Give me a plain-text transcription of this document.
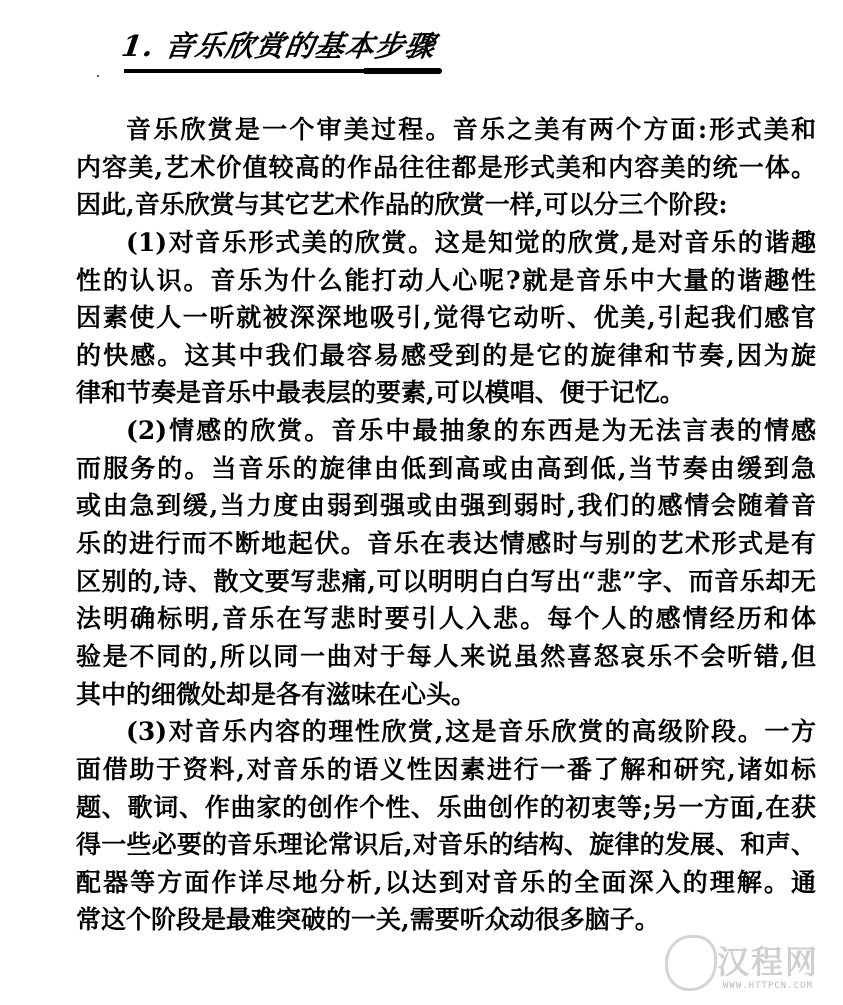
1. 音乐欣赏的基本步骤
音乐欣赏是一个审美过程。音乐之美有两个方面:形式美和
内容美,艺术价值较高的作品往往都是形式美和内容美的统一体。
因此,音乐欣赏与其它艺术作品的欣赏一样,可以分三个阶段:
(1)对音乐形式美的欣赏。这是知觉的欣赏,是对音乐的谐趣
性的认识。音乐为什么能打动人心呢?就是音乐中大量的谐趣性
因素使人一听就被深深地吸引,觉得它动听、优美,引起我们感官
的快感。这其中我们最容易感受到的是它的旋律和节奏,因为旋
律和节奏是音乐中最表层的要素,可以模唱、便于记忆。
(2)情感的欣赏。音乐中最抽象的东西是为无法言表的情感
而服务的。当音乐的旋律由低到高或由高到低,当节奏由缓到急
或由急到缓,当力度由弱到强或由强到弱时,我们的感情会随着音
乐的进行而不断地起伏。音乐在表达情感时与别的艺术形式是有
区别的,诗、散文要写悲痛,可以明明白白写出“悲”字、而音乐却无
法明确标明,音乐在写悲时要引人入悲。每个人的感情经历和体
验是不同的,所以同一曲对于每人来说虽然喜怒哀乐不会听错,但
其中的细微处却是各有滋味在心头。
(3)对音乐内容的理性欣赏,这是音乐欣赏的高级阶段。一方
面借助于资料,对音乐的语义性因素进行一番了解和研究,诸如标
题、歌词、作曲家的创作个性、乐曲创作的初衷等;另一方面,在获
得一些必要的音乐理论常识后,对音乐的结构、旋律的发展、和声、
配器等方面作详尽地分析,以达到对音乐的全面深入的理解。通
常这个阶段是最难突破的一关,需要听众动很多脑子。
汉程网
WWW.HTTPCN.COM
